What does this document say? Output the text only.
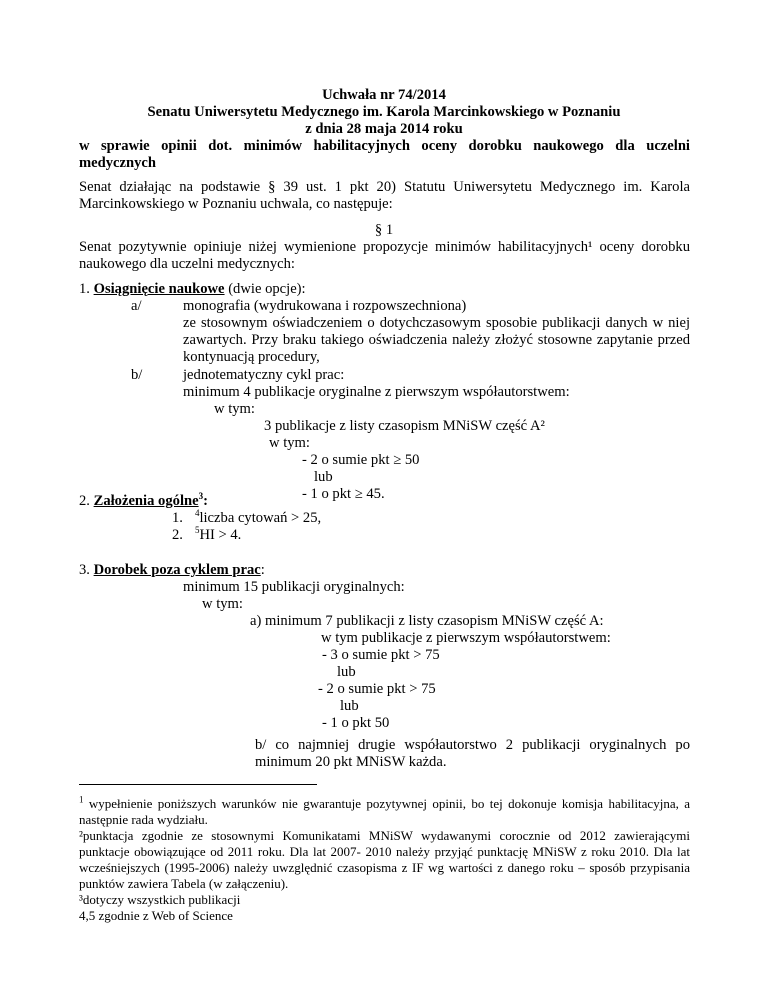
Uchwała nr 74/2014
Senatu Uniwersytetu Medycznego im. Karola Marcinkowskiego w Poznaniu
z dnia 28 maja 2014 roku
w sprawie opinii dot. minimów habilitacyjnych oceny dorobku naukowego dla uczelni medycznych
Senat działając na podstawie § 39 ust. 1 pkt 20) Statutu Uniwersytetu Medycznego im. Karola Marcinkowskiego w Poznaniu uchwala, co następuje:
§ 1
Senat pozytywnie opiniuje niżej wymienione propozycje minimów habilitacyjnych¹ oceny dorobku naukowego dla uczelni medycznych:
1. Osiągnięcie naukowe (dwie opcje):
a/	monografia (wydrukowana i rozpowszechniona)
ze stosownym oświadczeniem o dotychczasowym sposobie publikacji danych w niej zawartych. Przy braku takiego oświadczenia należy złożyć stosowne zapytanie przed kontynuacją procedury,
b/	jednotematyczny cykl prac:
minimum 4 publikacje oryginalne z pierwszym współautorstwem:
w tym:
3 publikacje z listy czasopism MNiSW część A²
w tym:
- 2 o sumie pkt ≥ 50
lub
- 1 o pkt ≥ 45.
2. Założenia ogólne$^3$:
1. $^4$liczba cytowań > 25,
2. $^5$HI > 4.
3. Dorobek poza cyklem prac:
minimum 15 publikacji oryginalnych:
w tym:
a) minimum 7 publikacji z listy czasopism MNiSW część A:
w tym publikacje z pierwszym współautorstwem:
- 3 o sumie pkt > 75
lub
- 2 o sumie pkt > 75
lub
- 1 o pkt 50
b/ co najmniej drugie współautorstwo 2 publikacji oryginalnych po minimum 20 pkt MNiSW każda.
$^1$ wypełnienie poniższych warunków nie gwarantuje pozytywnej opinii, bo tej dokonuje komisja habilitacyjna, a następnie rada wydziału.
²punktacja zgodnie ze stosownymi Komunikatami MNiSW wydawanymi corocznie od 2012 zawierającymi punktacje obowiązujące od 2011 roku. Dla lat 2007- 2010 należy przyjąć punktację MNiSW z roku 2010. Dla lat wcześniejszych (1995-2006) należy uwzględnić czasopisma z IF wg wartości z danego roku – sposób przypisania punktów zawiera Tabela (w załączeniu).
³dotyczy wszystkich publikacji
4,5 zgodnie z Web of Science
